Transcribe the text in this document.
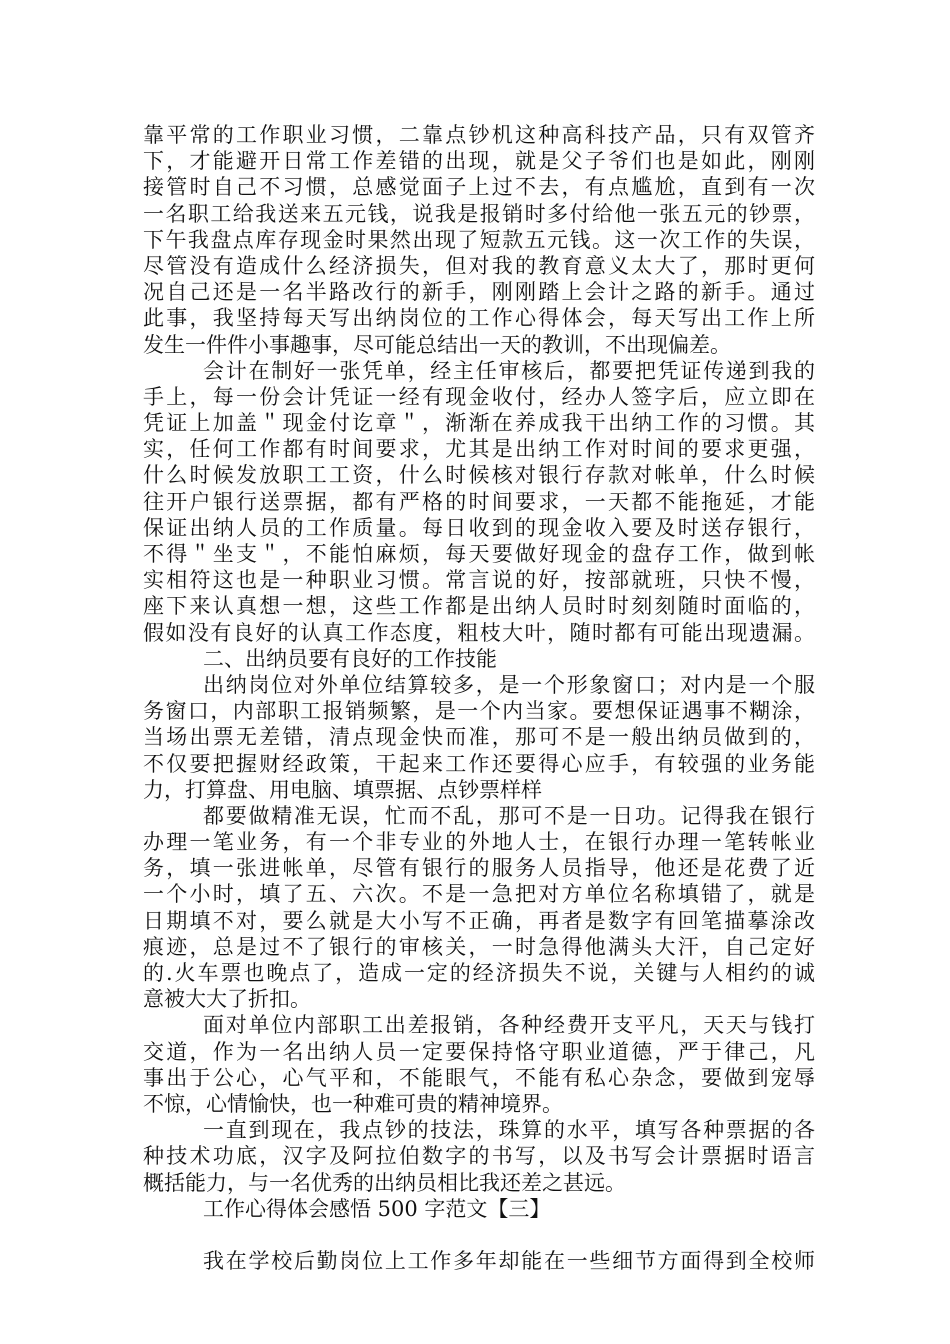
靠平常的工作职业习惯，二靠点钞机这种高科技产品，只有双管齐
下，才能避开日常工作差错的出现，就是父子爷们也是如此，刚刚
接管时自己不习惯，总感觉面子上过不去，有点尴尬，直到有一次
一名职工给我送来五元钱，说我是报销时多付给他一张五元的钞票，
下午我盘点库存现金时果然出现了短款五元钱。这一次工作的失误，
尽管没有造成什么经济损失，但对我的教育意义太大了，那时更何
况自己还是一名半路改行的新手，刚刚踏上会计之路的新手。通过
此事，我坚持每天写出纳岗位的工作心得体会，每天写出工作上所
发生一件件小事趣事，尽可能总结出一天的教训，不出现偏差。
会计在制好一张凭单，经主任审核后，都要把凭证传递到我的
手上，每一份会计凭证一经有现金收付，经办人签字后，应立即在
凭证上加盖＂现金付讫章＂，渐渐在养成我干出纳工作的习惯。其
实，任何工作都有时间要求，尤其是出纳工作对时间的要求更强，
什么时候发放职工工资，什么时候核对银行存款对帐单，什么时候
往开户银行送票据，都有严格的时间要求，一天都不能拖延，才能
保证出纳人员的工作质量。每日收到的现金收入要及时送存银行，
不得＂坐支＂，不能怕麻烦，每天要做好现金的盘存工作，做到帐
实相符这也是一种职业习惯。常言说的好，按部就班，只快不慢，
座下来认真想一想，这些工作都是出纳人员时时刻刻随时面临的，
假如没有良好的认真工作态度，粗枝大叶，随时都有可能出现遗漏。
二、出纳员要有良好的工作技能
出纳岗位对外单位结算较多，是一个形象窗口；对内是一个服
务窗口，内部职工报销频繁，是一个内当家。要想保证遇事不糊涂，
当场出票无差错，清点现金快而准，那可不是一般出纳员做到的，
不仅要把握财经政策，干起来工作还要得心应手，有较强的业务能
力，打算盘、用电脑、填票据、点钞票样样
都要做精准无误，忙而不乱，那可不是一日功。记得我在银行
办理一笔业务，有一个非专业的外地人士，在银行办理一笔转帐业
务，填一张进帐单，尽管有银行的服务人员指导，他还是花费了近
一个小时，填了五、六次。不是一急把对方单位名称填错了，就是
日期填不对，要么就是大小写不正确，再者是数字有回笔描摹涂改
痕迹，总是过不了银行的审核关，一时急得他满头大汗，自己定好
的.火车票也晚点了，造成一定的经济损失不说，关键与人相约的诚
意被大大了折扣。
面对单位内部职工出差报销，各种经费开支平凡，天天与钱打
交道，作为一名出纳人员一定要保持恪守职业道德，严于律己，凡
事出于公心，心气平和，不能眼气，不能有私心杂念，要做到宠辱
不惊，心情愉快，也一种难可贵的精神境界。
一直到现在，我点钞的技法，珠算的水平，填写各种票据的各
种技术功底，汉字及阿拉伯数字的书写，以及书写会计票据时语言
概括能力，与一名优秀的出纳员相比我还差之甚远。
工作心得体会感悟 500 字范文【三】
我在学校后勤岗位上工作多年却能在一些细节方面得到全校师
